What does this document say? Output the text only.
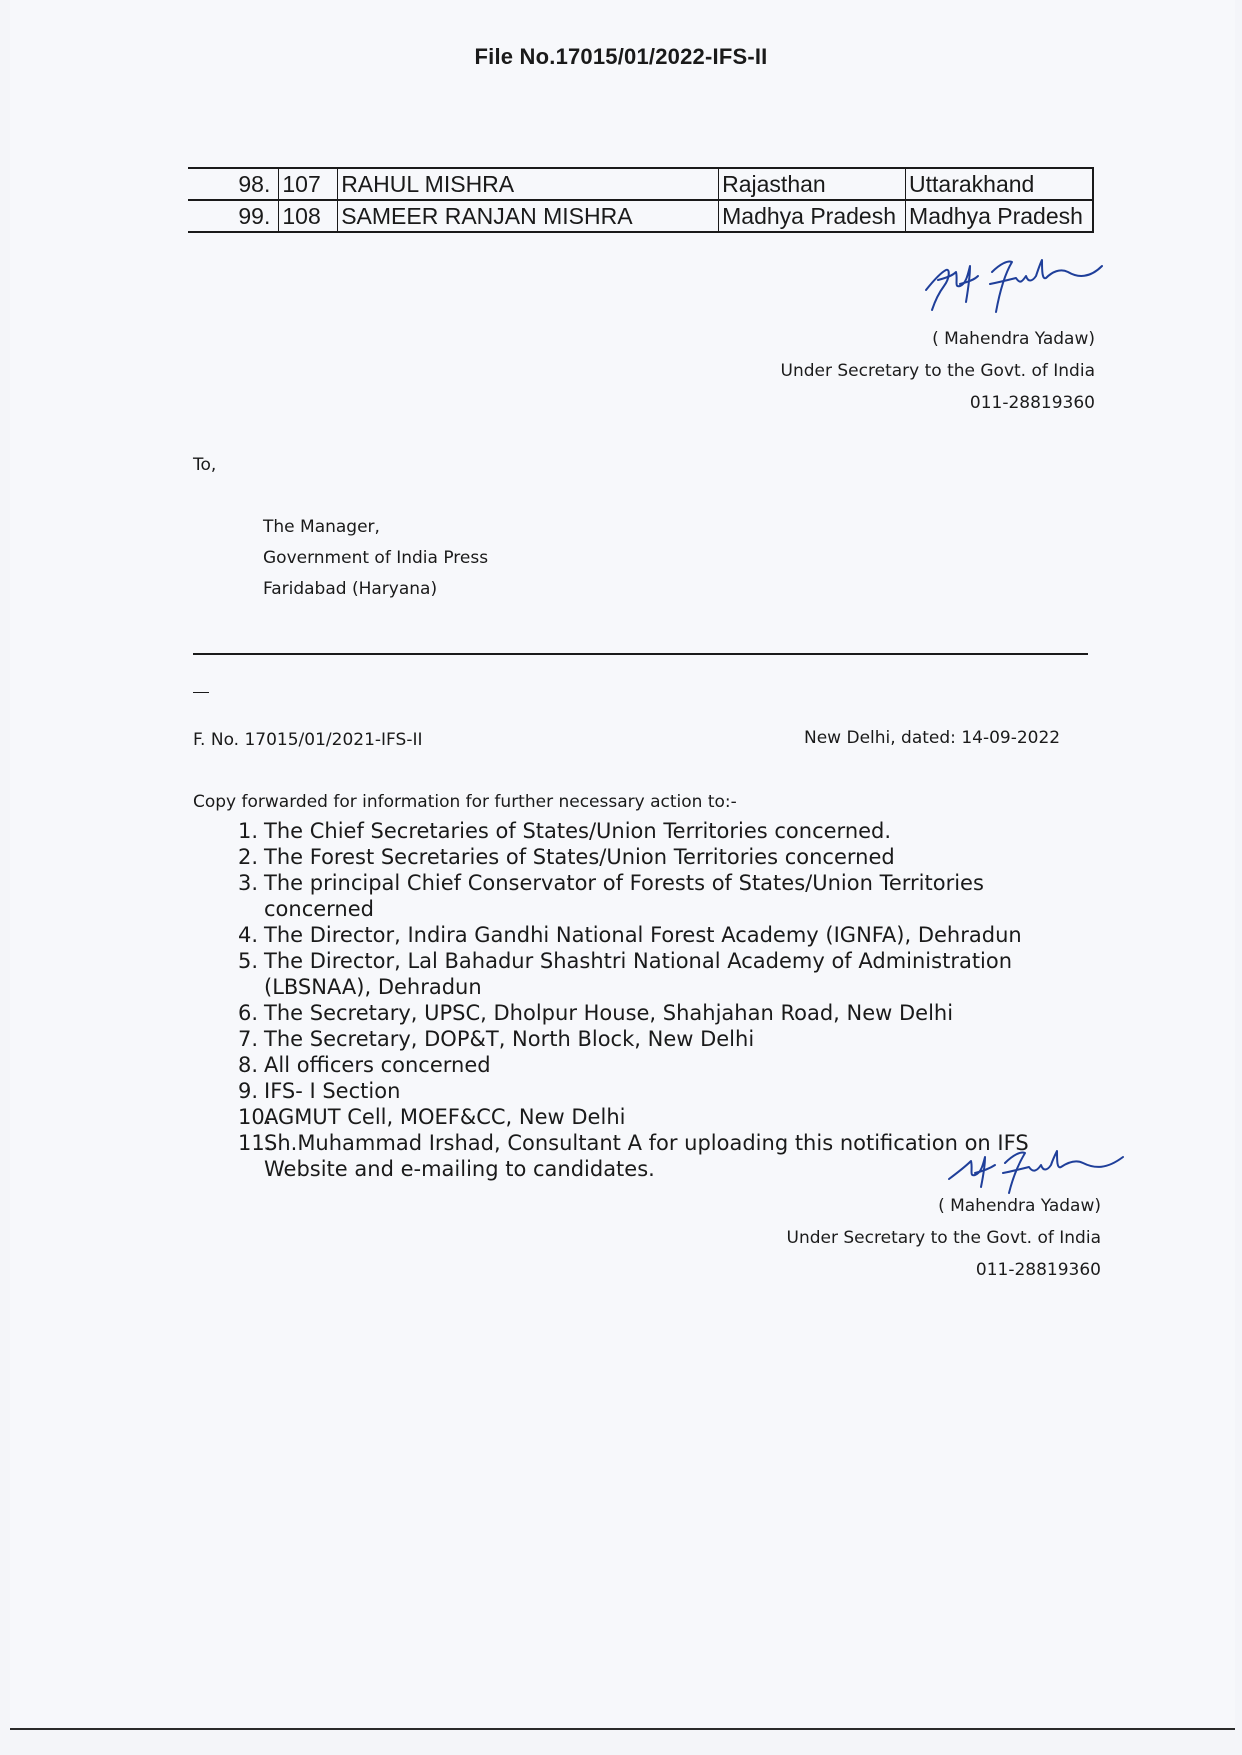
File No.17015/01/2022-IFS-II
98.	107	RAHUL MISHRA	Rajasthan	Uttarakhand
99.	108	SAMEER RANJAN MISHRA	Madhya Pradesh	Madhya Pradesh
( Mahendra Yadaw)
Under Secretary to the Govt. of India
011-28819360
To,
The Manager,
Government of India Press
Faridabad (Haryana)
F. No. 17015/01/2021-IFS-II	New Delhi, dated: 14-09-2022
Copy forwarded for information for further necessary action to:-
1. The Chief Secretaries of States/Union Territories concerned.
2. The Forest Secretaries of States/Union Territories concerned
3. The principal Chief Conservator of Forests of States/Union Territories concerned
4. The Director, Indira Gandhi National Forest Academy (IGNFA), Dehradun
5. The Director, Lal Bahadur Shashtri National Academy of Administration (LBSNAA), Dehradun
6. The Secretary, UPSC, Dholpur House, Shahjahan Road, New Delhi
7. The Secretary, DOP&T, North Block, New Delhi
8. All officers concerned
9. IFS- I Section
10.
AGMUT Cell, MOEF&CC, New Delhi
11.
Sh.Muhammad Irshad, Consultant A for uploading this notification on IFS Website and e-mailing to candidates.
( Mahendra Yadaw)
Under Secretary to the Govt. of India
011-28819360
